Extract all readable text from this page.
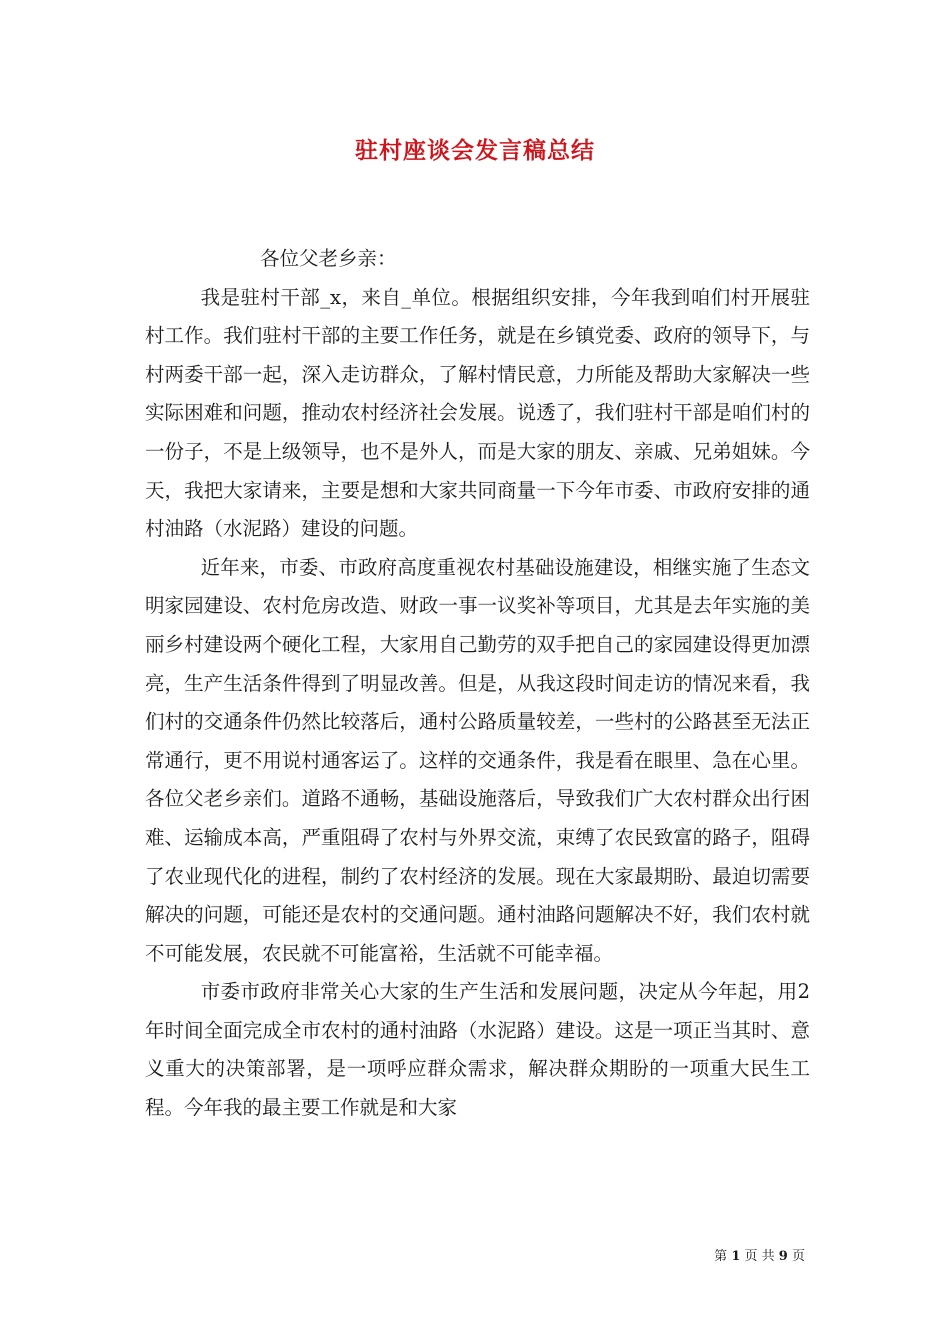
驻村座谈会发言稿总结

各位父老乡亲：

我是驻村干部_x，来自_单位。根据组织安排，今年我到咱们村开展驻村工作。我们驻村干部的主要工作任务，就是在乡镇党委、政府的领导下，与村两委干部一起，深入走访群众，了解村情民意，力所能及帮助大家解决一些实际困难和问题，推动农村经济社会发展。说透了，我们驻村干部是咱们村的一份子，不是上级领导，也不是外人，而是大家的朋友、亲戚、兄弟姐妹。今天，我把大家请来，主要是想和大家共同商量一下今年市委、市政府安排的通村油路（水泥路）建设的问题。

近年来，市委、市政府高度重视农村基础设施建设，相继实施了生态文明家园建设、农村危房改造、财政一事一议奖补等项目，尤其是去年实施的美丽乡村建设两个硬化工程，大家用自己勤劳的双手把自己的家园建设得更加漂亮，生产生活条件得到了明显改善。但是，从我这段时间走访的情况来看，我们村的交通条件仍然比较落后，通村公路质量较差，一些村的公路甚至无法正常通行，更不用说村通客运了。这样的交通条件，我是看在眼里、急在心里。各位父老乡亲们。道路不通畅，基础设施落后，导致我们广大农村群众出行困难、运输成本高，严重阻碍了农村与外界交流，束缚了农民致富的路子，阻碍了农业现代化的进程，制约了农村经济的发展。现在大家最期盼、最迫切需要解决的问题，可能还是农村的交通问题。通村油路问题解决不好，我们农村就不可能发展，农民就不可能富裕，生活就不可能幸福。

市委市政府非常关心大家的生产生活和发展问题，决定从今年起，用2年时间全面完成全市农村的通村油路（水泥路）建设。这是一项正当其时、意义重大的决策部署，是一项呼应群众需求，解决群众期盼的一项重大民生工程。今年我的最主要工作就是和大家

第 1 页 共 9 页
